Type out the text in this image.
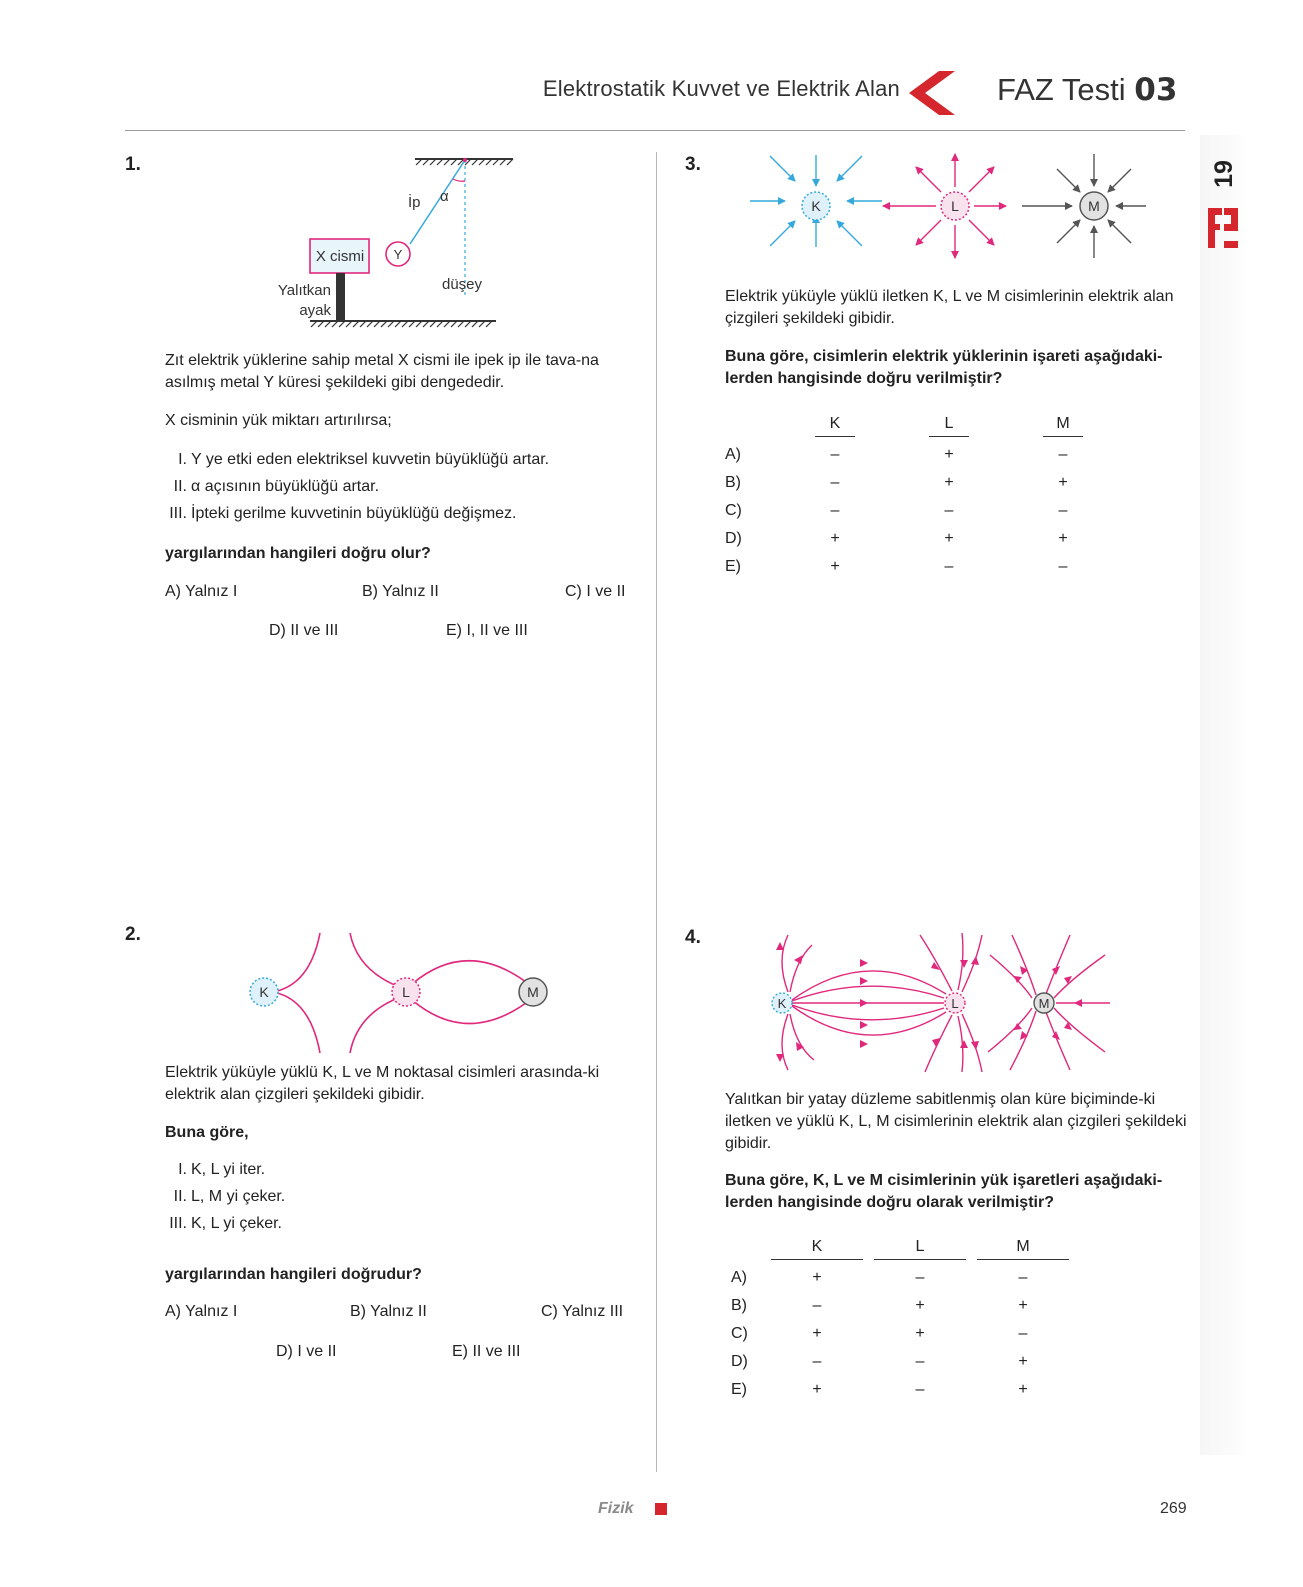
Elektrostatik Kuvvet ve Elektrik Alan	FAZ Testi 03
19
1.
α
İp
Y
X cismi
düşey
Yalıtkan
ayak
Zıt elektrik yüklerine sahip metal X cismi ile ipek ip ile tava-na asılmış metal Y küresi şekildeki gibi dengededir.
X cisminin yük miktarı artırılırsa;
I. Y ye etki eden elektriksel kuvvetin büyüklüğü artar.
II. α açısının büyüklüğü artar.
III. İpteki gerilme kuvvetinin büyüklüğü değişmez.
yargılarından hangileri doğru olur?
A) Yalnız I	B) Yalnız II	C) I ve II
D) II ve III	E) I, II ve III
2.
K	L	M
Elektrik yüküyle yüklü K, L ve M noktasal cisimleri arasında-ki elektrik alan çizgileri şekildeki gibidir.
Buna göre,
I. K, L yi iter.
II. L, M yi çeker.
III. K, L yi çeker.
yargılarından hangileri doğrudur?
A) Yalnız I	B) Yalnız II	C) Yalnız III
D) I ve II	E) II ve III
3.
K	L	M
Elektrik yüküyle yüklü iletken K, L ve M cisimlerinin elektrik alan çizgileri şekildeki gibidir.
Buna göre, cisimlerin elektrik yüklerinin işareti aşağıdaki-lerden hangisinde doğru verilmiştir?
	K	L	M
A)	–	+	–
B)	–	+	+
C)	–	–	–
D)	+	+	+
E)	+	–	–
4.
K	L	M
Yalıtkan bir yatay düzleme sabitlenmiş olan küre biçiminde-ki iletken ve yüklü K, L, M cisimlerinin elektrik alan çizgileri şekildeki gibidir.
Buna göre, K, L ve M cisimlerinin yük işaretleri aşağıdaki-lerden hangisinde doğru olarak verilmiştir?
	K	L	M
A)	+	–	–
B)	–	+	+
C)	+	+	–
D)	–	–	+
E)	+	–	+
Fizik	269
